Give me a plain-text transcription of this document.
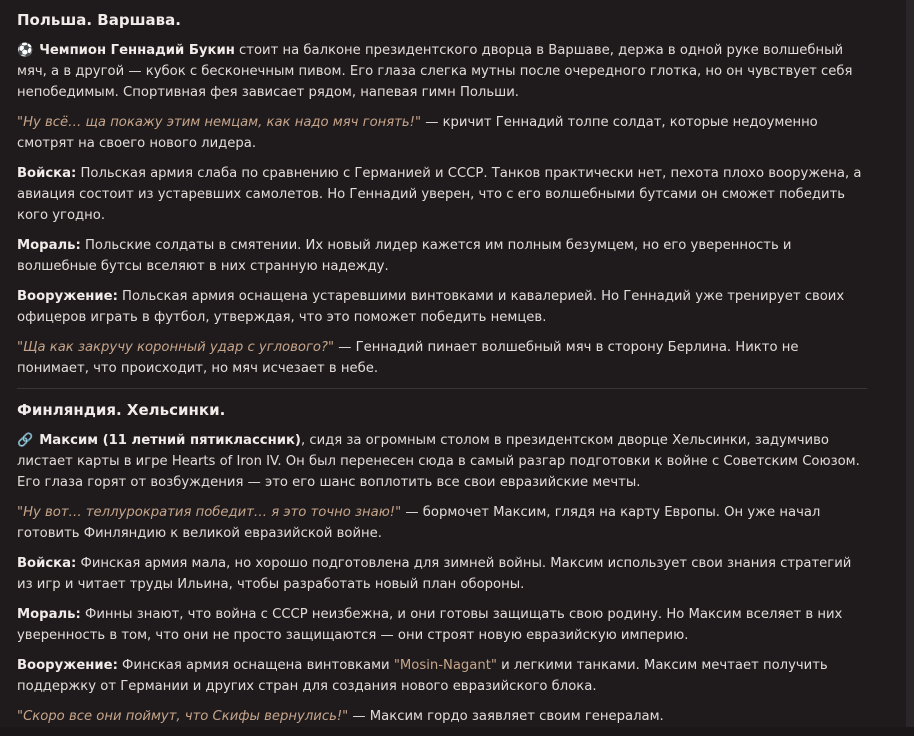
Польша. Варшава.

⚽ Чемпион Геннадий Букин стоит на балконе президентского дворца в Варшаве, держа в одной руке волшебный мяч, а в другой — кубок с бесконечным пивом. Его глаза слегка мутны после очередного глотка, но он чувствует себя непобедимым. Спортивная фея зависает рядом, напевая гимн Польши.

"Ну всё… ща покажу этим немцам, как надо мяч гонять!" — кричит Геннадий толпе солдат, которые недоуменно смотрят на своего нового лидера.

Войска: Польская армия слаба по сравнению с Германией и СССР. Танков практически нет, пехота плохо вооружена, а авиация состоит из устаревших самолетов. Но Геннадий уверен, что с его волшебными бутсами он сможет победить кого угодно.

Мораль: Польские солдаты в смятении. Их новый лидер кажется им полным безумцем, но его уверенность и волшебные бутсы вселяют в них странную надежду.

Вооружение: Польская армия оснащена устаревшими винтовками и кавалерией. Но Геннадий уже тренирует своих офицеров играть в футбол, утверждая, что это поможет победить немцев.

"Ща как закручу коронный удар с углового?" — Геннадий пинает волшебный мяч в сторону Берлина. Никто не понимает, что происходит, но мяч исчезает в небе.

Финляндия. Хельсинки.

🔗 Максим (11 летний пятиклассник), сидя за огромным столом в президентском дворце Хельсинки, задумчиво листает карты в игре Hearts of Iron IV. Он был перенесен сюда в самый разгар подготовки к войне с Советским Союзом. Его глаза горят от возбуждения — это его шанс воплотить все свои евразийские мечты.

"Ну вот… теллурократия победит… я это точно знаю!" — бормочет Максим, глядя на карту Европы. Он уже начал готовить Финляндию к великой евразийской войне.

Войска: Финская армия мала, но хорошо подготовлена для зимней войны. Максим использует свои знания стратегий из игр и читает труды Ильина, чтобы разработать новый план обороны.

Мораль: Финны знают, что война с СССР неизбежна, и они готовы защищать свою родину. Но Максим вселяет в них уверенность в том, что они не просто защищаются — они строят новую евразийскую империю.

Вооружение: Финская армия оснащена винтовками "Mosin-Nagant" и легкими танками. Максим мечтает получить поддержку от Германии и других стран для создания нового евразийского блока.

"Скоро все они поймут, что Скифы вернулись!" — Максим гордо заявляет своим генералам.
